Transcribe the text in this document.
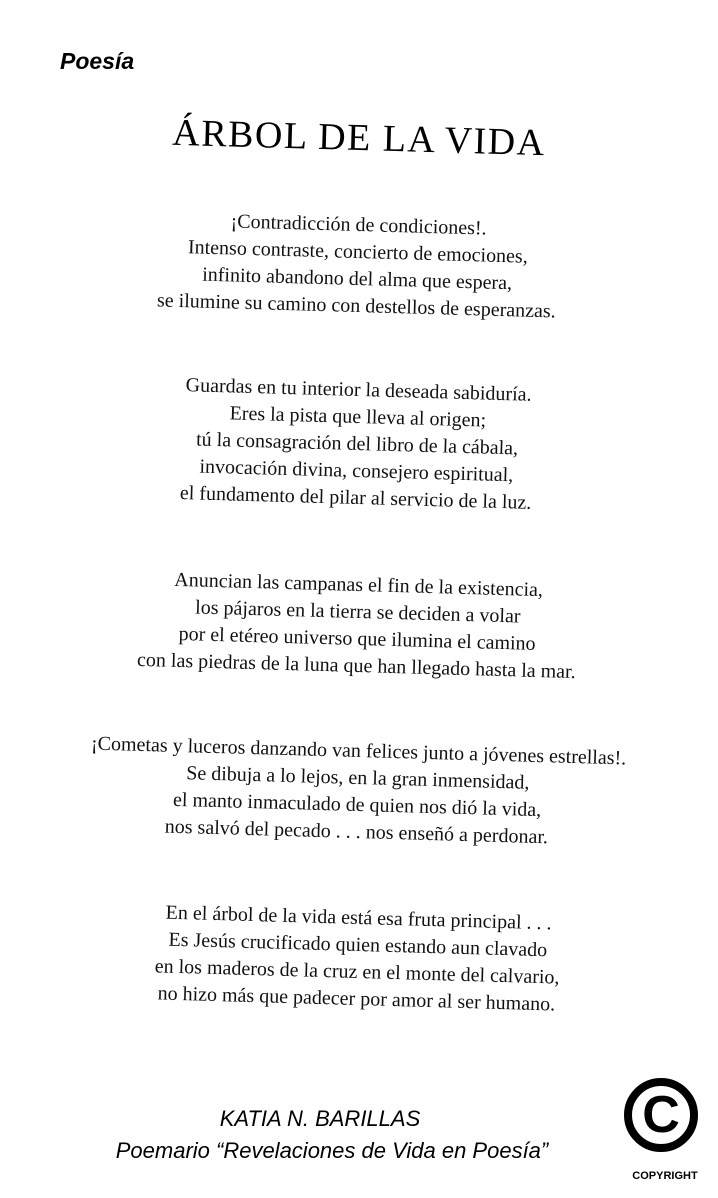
Poesía
ÁRBOL DE LA VIDA
¡Contradicción de condiciones!.
Intenso contraste, concierto de emociones,
infinito abandono del alma que espera,
se ilumine su camino con destellos de esperanzas.
Guardas en tu interior la deseada sabiduría.
Eres la pista que lleva al origen;
tú la consagración del libro de la cábala,
invocación divina, consejero espiritual,
el fundamento del pilar al servicio de la luz.
Anuncian las campanas el fin de la existencia,
los pájaros en la tierra se deciden a volar
por el etéreo universo que ilumina el camino
con las piedras de la luna que han llegado hasta la mar.
¡Cometas y luceros danzando van felices junto a jóvenes estrellas!.
Se dibuja a lo lejos, en la gran inmensidad,
el manto inmaculado de quien nos dió la vida,
nos salvó del pecado . . . nos enseñó a perdonar.
En el árbol de la vida está esa fruta principal . . .
Es Jesús crucificado quien estando aun clavado
en los maderos de la cruz en el monte del calvario,
no hizo más que padecer por amor al ser humano.
KATIA N. BARILLAS
Poemario “Revelaciones de Vida en Poesía”
C
COPYRIGHT
